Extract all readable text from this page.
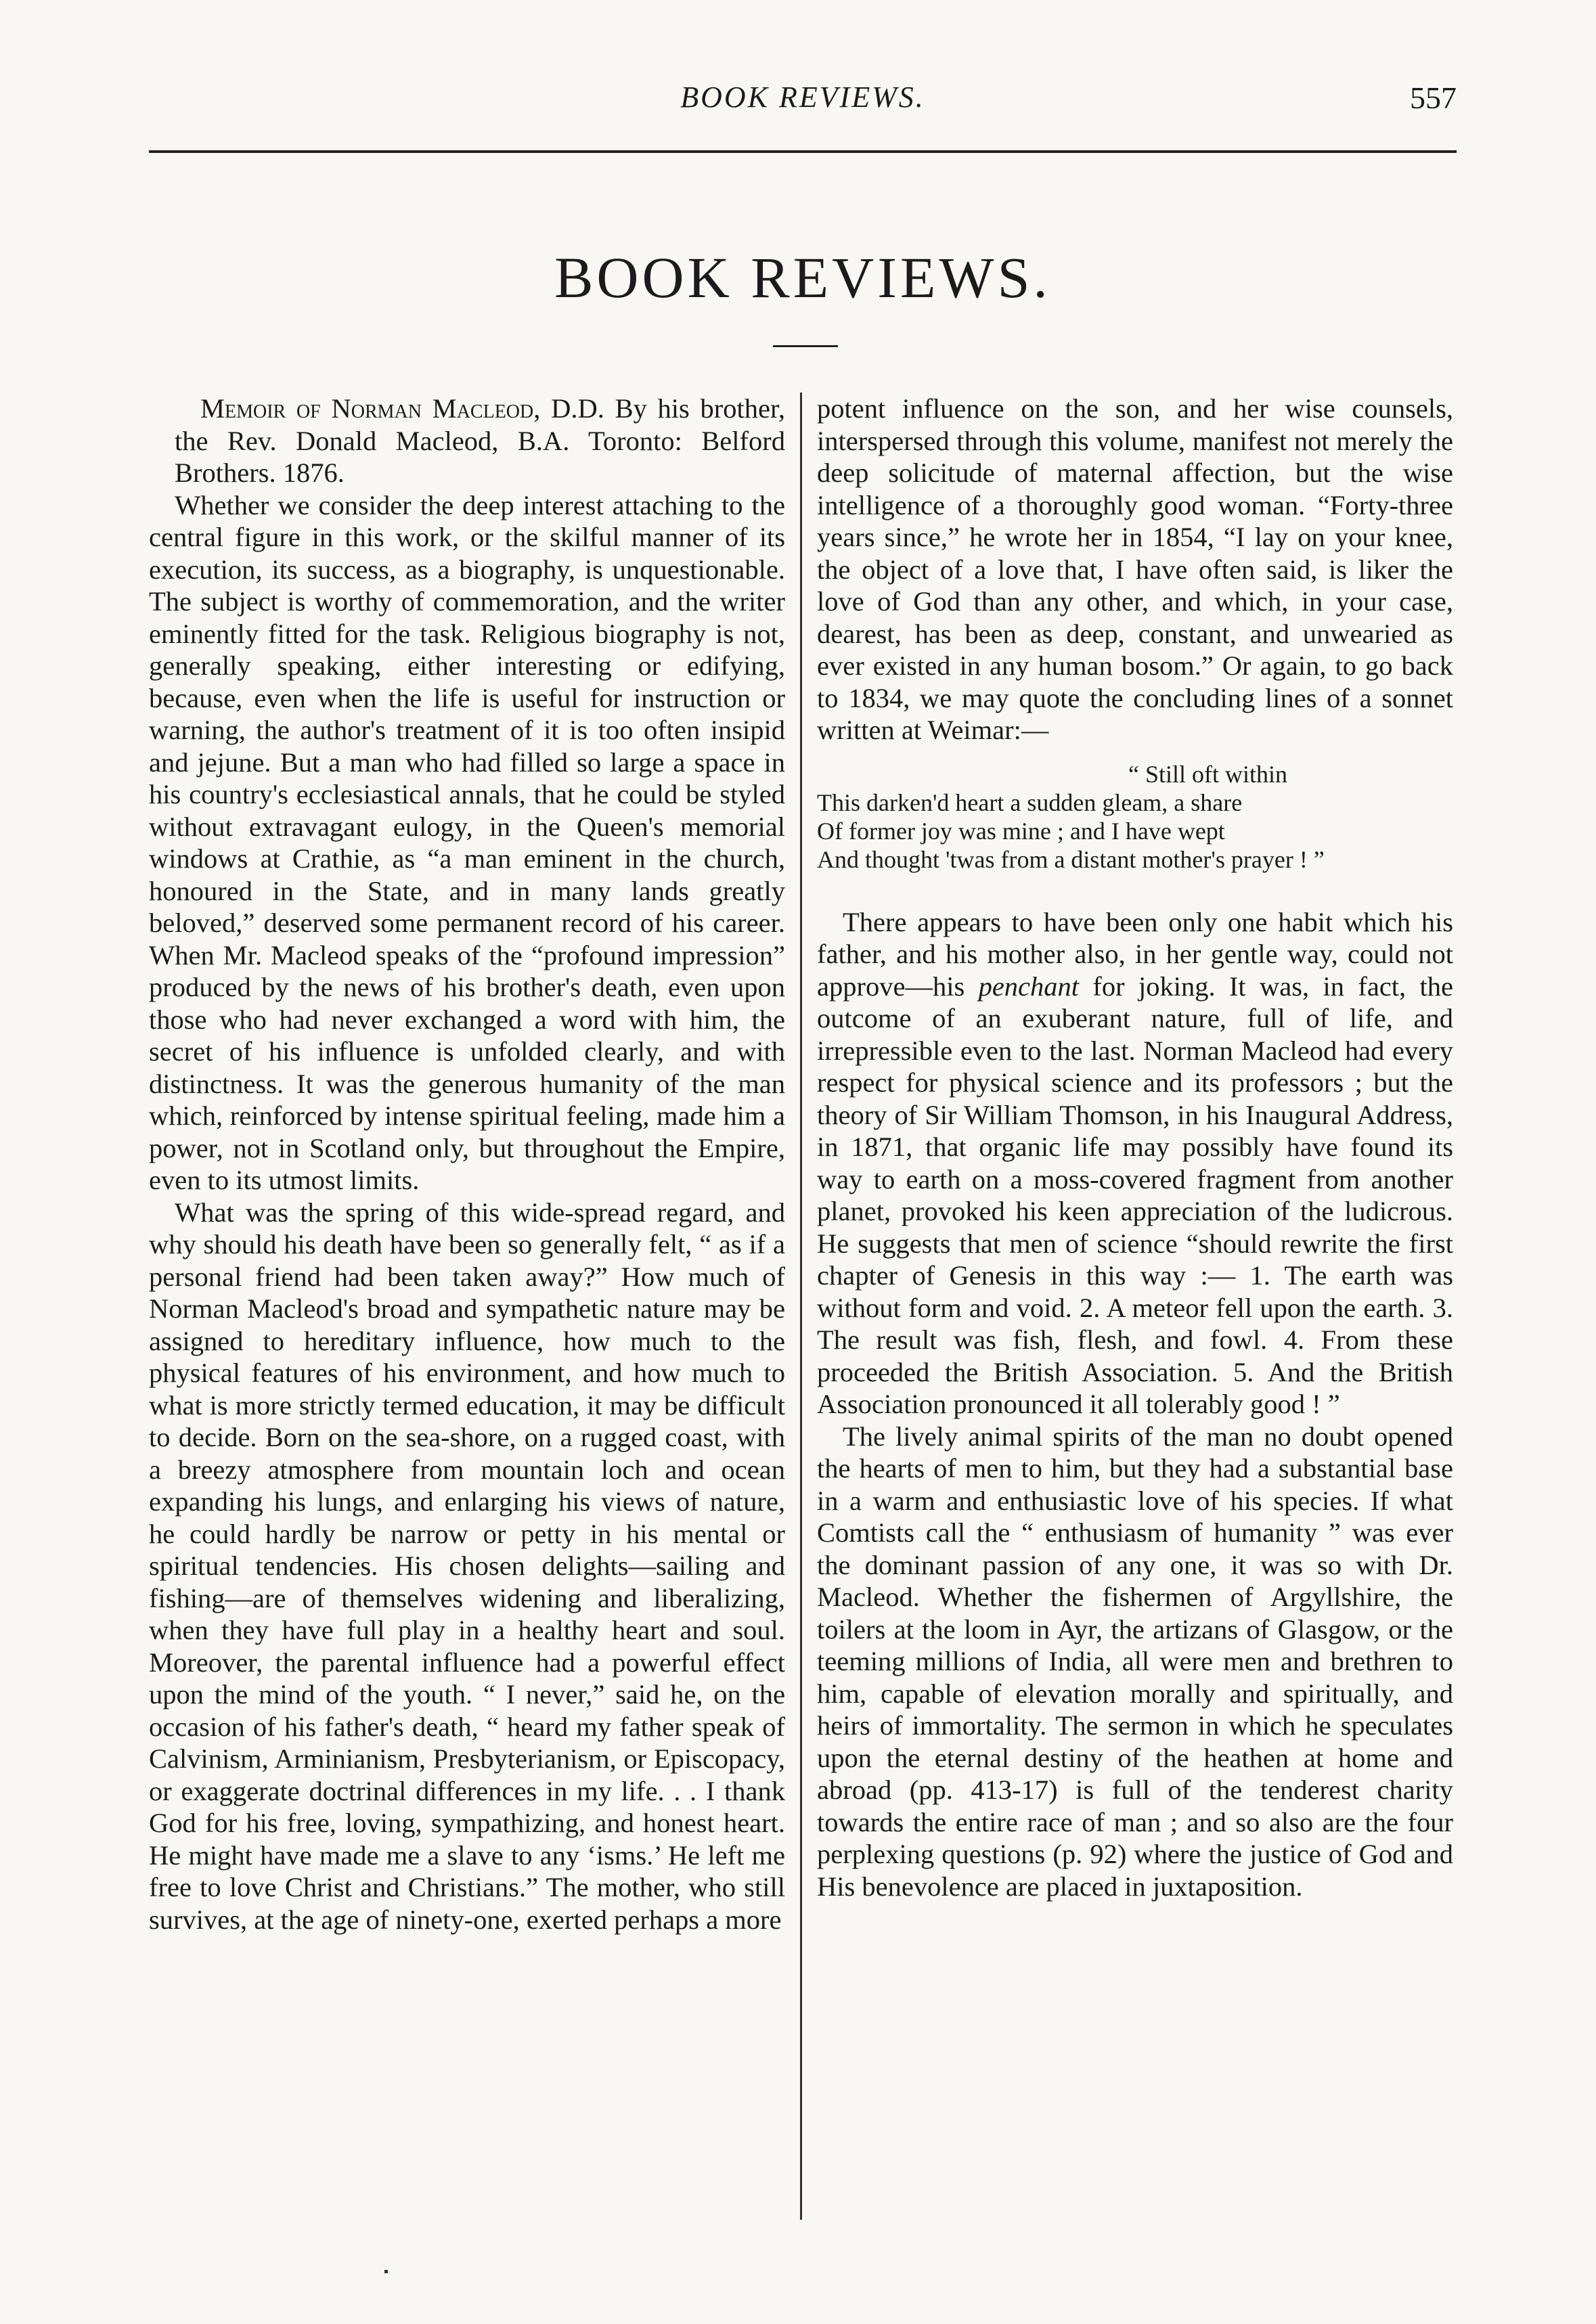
BOOK REVIEWS.	557
BOOK REVIEWS.

Memoir of Norman Macleod, D.D. By his brother, the Rev. Donald Macleod, B.A. Toronto: Belford Brothers. 1876.

Whether we consider the deep interest attaching to the central figure in this work, or the skilful manner of its execution, its success, as a biography, is unquestionable. The subject is worthy of commemoration, and the writer eminently fitted for the task. Religious biography is not, generally speaking, either interesting or edifying, because, even when the life is useful for instruction or warning, the author's treatment of it is too often insipid and jejune. But a man who had filled so large a space in his country's ecclesiastical annals, that he could be styled without extravagant eulogy, in the Queen's memorial windows at Crathie, as “a man eminent in the church, honoured in the State, and in many lands greatly beloved,” deserved some permanent record of his career. When Mr. Macleod speaks of the “profound impression” produced by the news of his brother's death, even upon those who had never exchanged a word with him, the secret of his influence is unfolded clearly, and with distinctness. It was the generous humanity of the man which, reinforced by intense spiritual feeling, made him a power, not in Scotland only, but throughout the Empire, even to its utmost limits.

What was the spring of this wide-spread regard, and why should his death have been so generally felt, “ as if a personal friend had been taken away?” How much of Norman Macleod's broad and sympathetic nature may be assigned to hereditary influence, how much to the physical features of his environment, and how much to what is more strictly termed education, it may be difficult to decide. Born on the sea-shore, on a rugged coast, with a breezy atmosphere from mountain loch and ocean expanding his lungs, and enlarging his views of nature, he could hardly be narrow or petty in his mental or spiritual tendencies. His chosen delights—sailing and fishing—are of themselves widening and liberalizing, when they have full play in a healthy heart and soul. Moreover, the parental influence had a powerful effect upon the mind of the youth. “ I never,” said he, on the occasion of his father's death, “ heard my father speak of Calvinism, Arminianism, Presbyterianism, or Episcopacy, or exaggerate doctrinal differences in my life. . . I thank God for his free, loving, sympathizing, and honest heart. He might have made me a slave to any ‘isms.’ He left me free to love Christ and Christians.” The mother, who still survives, at the age of ninety-one, exerted perhaps a more

potent influence on the son, and her wise counsels, interspersed through this volume, manifest not merely the deep solicitude of maternal affection, but the wise intelligence of a thoroughly good woman. “Forty-three years since,” he wrote her in 1854, “I lay on your knee, the object of a love that, I have often said, is liker the love of God than any other, and which, in your case, dearest, has been as deep, constant, and unwearied as ever existed in any human bosom.” Or again, to go back to 1834, we may quote the concluding lines of a sonnet written at Weimar:—

“ Still oft within
This darken'd heart a sudden gleam, a share
Of former joy was mine ; and I have wept
And thought 'twas from a distant mother's prayer ! ”

There appears to have been only one habit which his father, and his mother also, in her gentle way, could not approve—his penchant for joking. It was, in fact, the outcome of an exuberant nature, full of life, and irrepressible even to the last. Norman Macleod had every respect for physical science and its professors ; but the theory of Sir William Thomson, in his Inaugural Address, in 1871, that organic life may possibly have found its way to earth on a moss-covered fragment from another planet, provoked his keen appreciation of the ludicrous. He suggests that men of science “should rewrite the first chapter of Genesis in this way :— 1. The earth was without form and void. 2. A meteor fell upon the earth. 3. The result was fish, flesh, and fowl. 4. From these proceeded the British Association. 5. And the British Association pronounced it all tolerably good ! ”

The lively animal spirits of the man no doubt opened the hearts of men to him, but they had a substantial base in a warm and enthusiastic love of his species. If what Comtists call the “ enthusiasm of humanity ” was ever the dominant passion of any one, it was so with Dr. Macleod. Whether the fishermen of Argyllshire, the toilers at the loom in Ayr, the artizans of Glasgow, or the teeming millions of India, all were men and brethren to him, capable of elevation morally and spiritually, and heirs of immortality. The sermon in which he speculates upon the eternal destiny of the heathen at home and abroad (pp. 413-17) is full of the tenderest charity towards the entire race of man ; and so also are the four perplexing questions (p. 92) where the justice of God and His benevolence are placed in juxtaposition.
